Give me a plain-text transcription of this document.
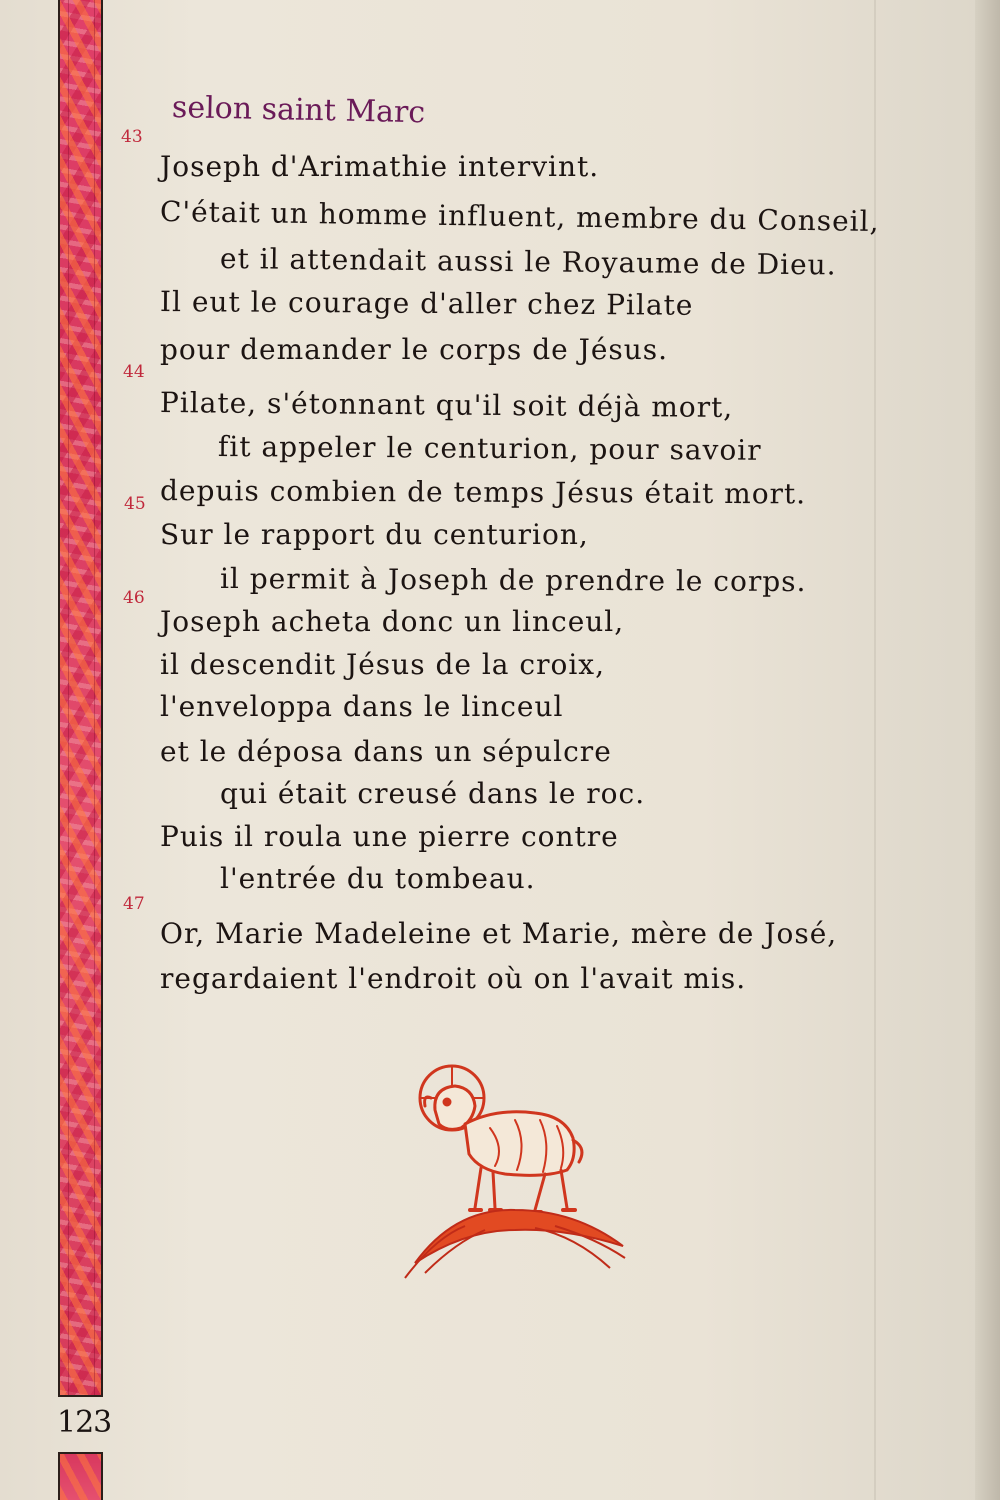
selon saint Marc
43
Joseph d'Arimathie intervint.
C'était un homme influent, membre du Conseil,
et il attendait aussi le Royaume de Dieu.
Il eut le courage d'aller chez Pilate
pour demander le corps de Jésus.
44
Pilate, s'étonnant qu'il soit déjà mort,
fit appeler le centurion, pour savoir
depuis combien de temps Jésus était mort.
45
Sur le rapport du centurion,
il permit à Joseph de prendre le corps.
46
Joseph acheta donc un linceul,
il descendit Jésus de la croix,
l'enveloppa dans le linceul
et le déposa dans un sépulcre
qui était creusé dans le roc.
Puis il roula une pierre contre
l'entrée du tombeau.
47
Or, Marie Madeleine et Marie, mère de José,
regardaient l'endroit où on l'avait mis.
123
